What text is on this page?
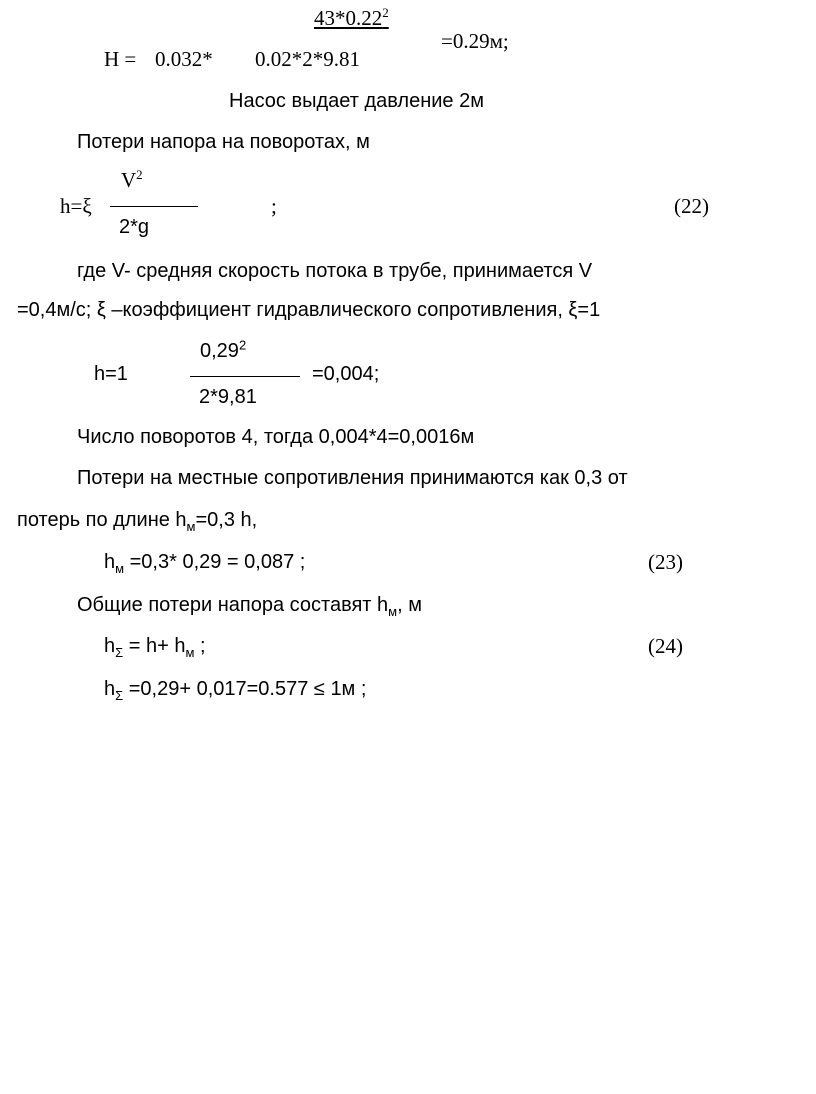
$43*0.22^2$
=0.29м;
H = 0.032* 0.02*2*9.81
Насос выдает давление 2м
Потери напора на поворотах, м
$V^2$
h=ξ	;	(22)
2*g
где V- средняя скорость потока в трубе, принимается V
=0,4м/с; ξ –коэффициент гидравлического сопротивления, ξ=1
0,29$^2$
h=1	=0,004;
2*9,81
Число поворотов 4, тогда 0,004*4=0,0016м
Потери на местные сопротивления принимаются как 0,3 от
потерь по длине $h_м=0,3$ h,
$h_м =0,3*$ 0,29 = 0,087 ;	(23)
Общие потери напора составят $h_м$, м
$h_\Sigma = h+ h_м$ ;	(24)
$h_\Sigma =0,29+ 0,017=0.577 \le 1м$ ;
